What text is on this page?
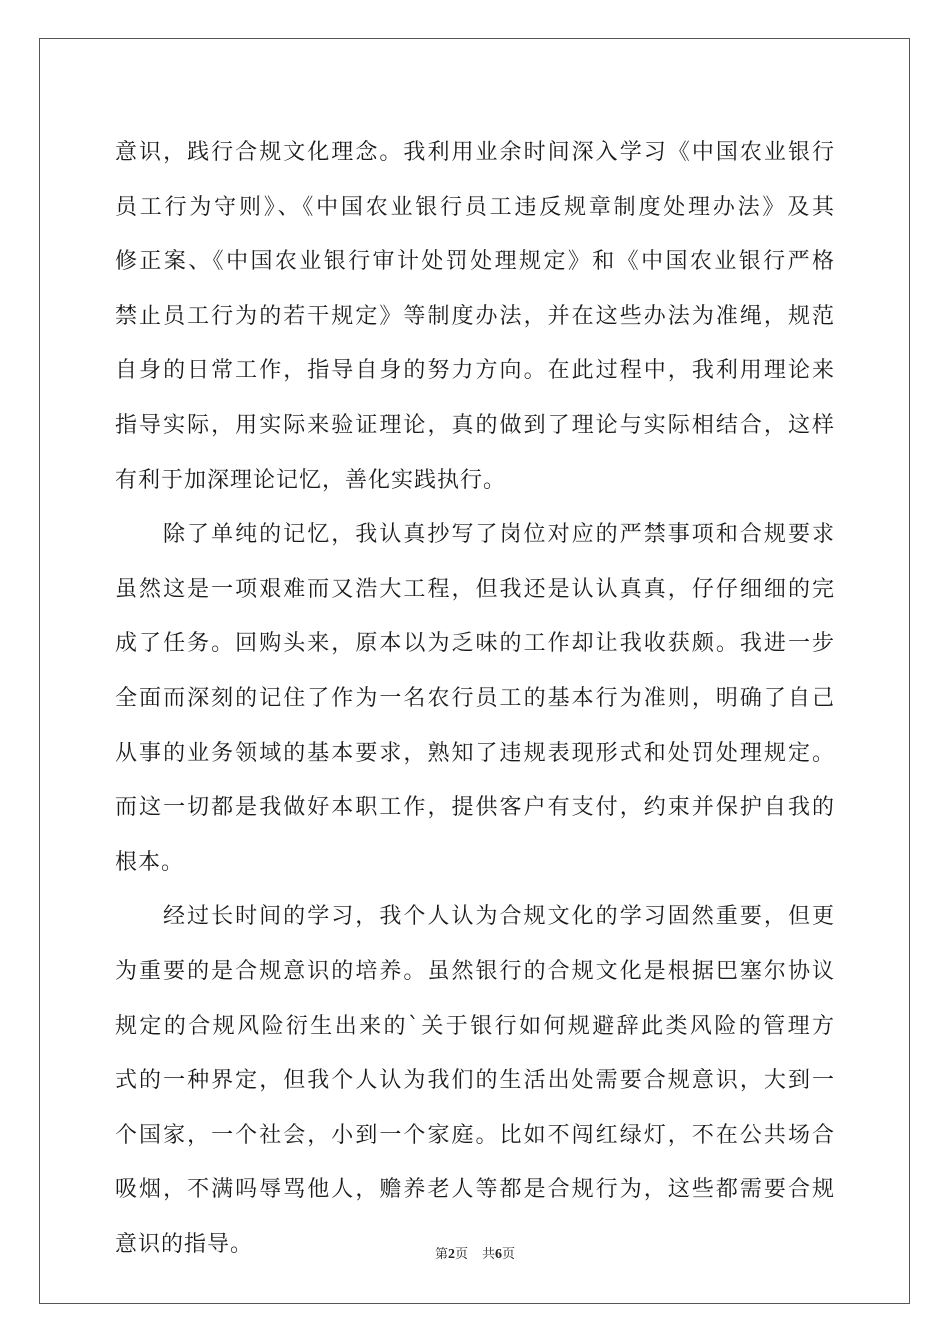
意识，践行合规文化理念。我利用业余时间深入学习《中国农业银行
员工行为守则》、《中国农业银行员工违反规章制度处理办法》及其
修正案、《中国农业银行审计处罚处理规定》和《中国农业银行严格
禁止员工行为的若干规定》等制度办法，并在这些办法为准绳，规范
自身的日常工作，指导自身的努力方向。在此过程中，我利用理论来
指导实际，用实际来验证理论，真的做到了理论与实际相结合，这样
有利于加深理论记忆，善化实践执行。
除了单纯的记忆，我认真抄写了岗位对应的严禁事项和合规要求
虽然这是一项艰难而又浩大工程，但我还是认认真真，仔仔细细的完
成了任务。回购头来，原本以为乏味的工作却让我收获颇。我进一步
全面而深刻的记住了作为一名农行员工的基本行为准则，明确了自己
从事的业务领域的基本要求，熟知了违规表现形式和处罚处理规定。
而这一切都是我做好本职工作，提供客户有支付，约束并保护自我的
根本。
经过长时间的学习，我个人认为合规文化的学习固然重要，但更
为重要的是合规意识的培养。虽然银行的合规文化是根据巴塞尔协议
规定的合规风险衍生出来的`关于银行如何规避辞此类风险的管理方
式的一种界定，但我个人认为我们的生活出处需要合规意识，大到一
个国家，一个社会，小到一个家庭。比如不闯红绿灯，不在公共场合
吸烟，不满吗辱骂他人，赡养老人等都是合规行为，这些都需要合规
意识的指导。	第2页 共6页
